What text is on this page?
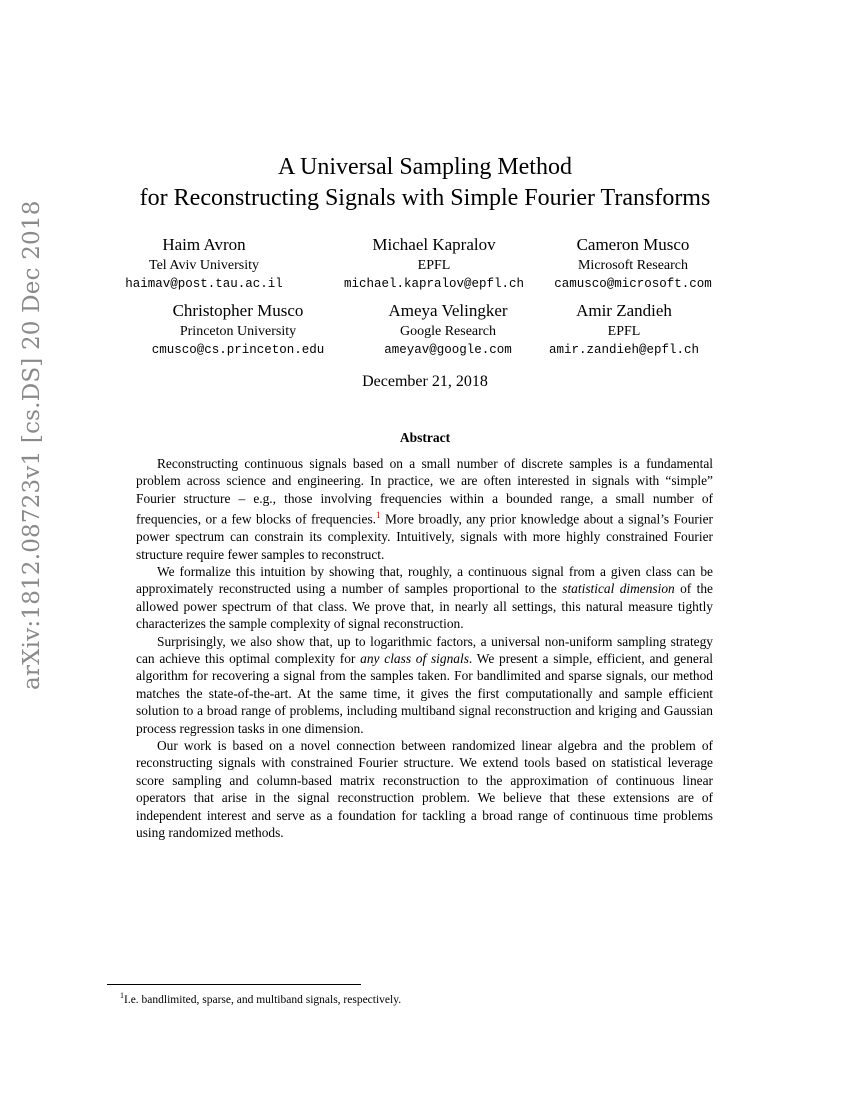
arXiv:1812.08723v1 [cs.DS] 20 Dec 2018
A Universal Sampling Method
for Reconstructing Signals with Simple Fourier Transforms
Haim Avron
Tel Aviv University
haimav@post.tau.ac.il
Michael Kapralov
EPFL
michael.kapralov@epfl.ch
Cameron Musco
Microsoft Research
camusco@microsoft.com
Christopher Musco
Princeton University
cmusco@cs.princeton.edu
Ameya Velingker
Google Research
ameyav@google.com
Amir Zandieh
EPFL
amir.zandieh@epfl.ch
December 21, 2018
Abstract

Reconstructing continuous signals based on a small number of discrete samples is a fundamental problem across science and engineering. In practice, we are often interested in signals with “simple” Fourier structure – e.g., those involving frequencies within a bounded range, a small number of frequencies, or a few blocks of frequencies.$^1$ More broadly, any prior knowledge about a signal’s Fourier power spectrum can constrain its complexity. Intuitively, signals with more highly constrained Fourier structure require fewer samples to reconstruct.

We formalize this intuition by showing that, roughly, a continuous signal from a given class can be approximately reconstructed using a number of samples proportional to the statistical dimension of the allowed power spectrum of that class. We prove that, in nearly all settings, this natural measure tightly characterizes the sample complexity of signal reconstruction.

Surprisingly, we also show that, up to logarithmic factors, a universal non-uniform sampling strategy can achieve this optimal complexity for any class of signals. We present a simple, efficient, and general algorithm for recovering a signal from the samples taken. For bandlimited and sparse signals, our method matches the state-of-the-art. At the same time, it gives the first computationally and sample efficient solution to a broad range of problems, including multiband signal reconstruction and kriging and Gaussian process regression tasks in one dimension.

Our work is based on a novel connection between randomized linear algebra and the problem of reconstructing signals with constrained Fourier structure. We extend tools based on statistical leverage score sampling and column-based matrix reconstruction to the approximation of continuous linear operators that arise in the signal reconstruction problem. We believe that these extensions are of independent interest and serve as a foundation for tackling a broad range of continuous time problems using randomized methods.

$^1$I.e. bandlimited, sparse, and multiband signals, respectively.
